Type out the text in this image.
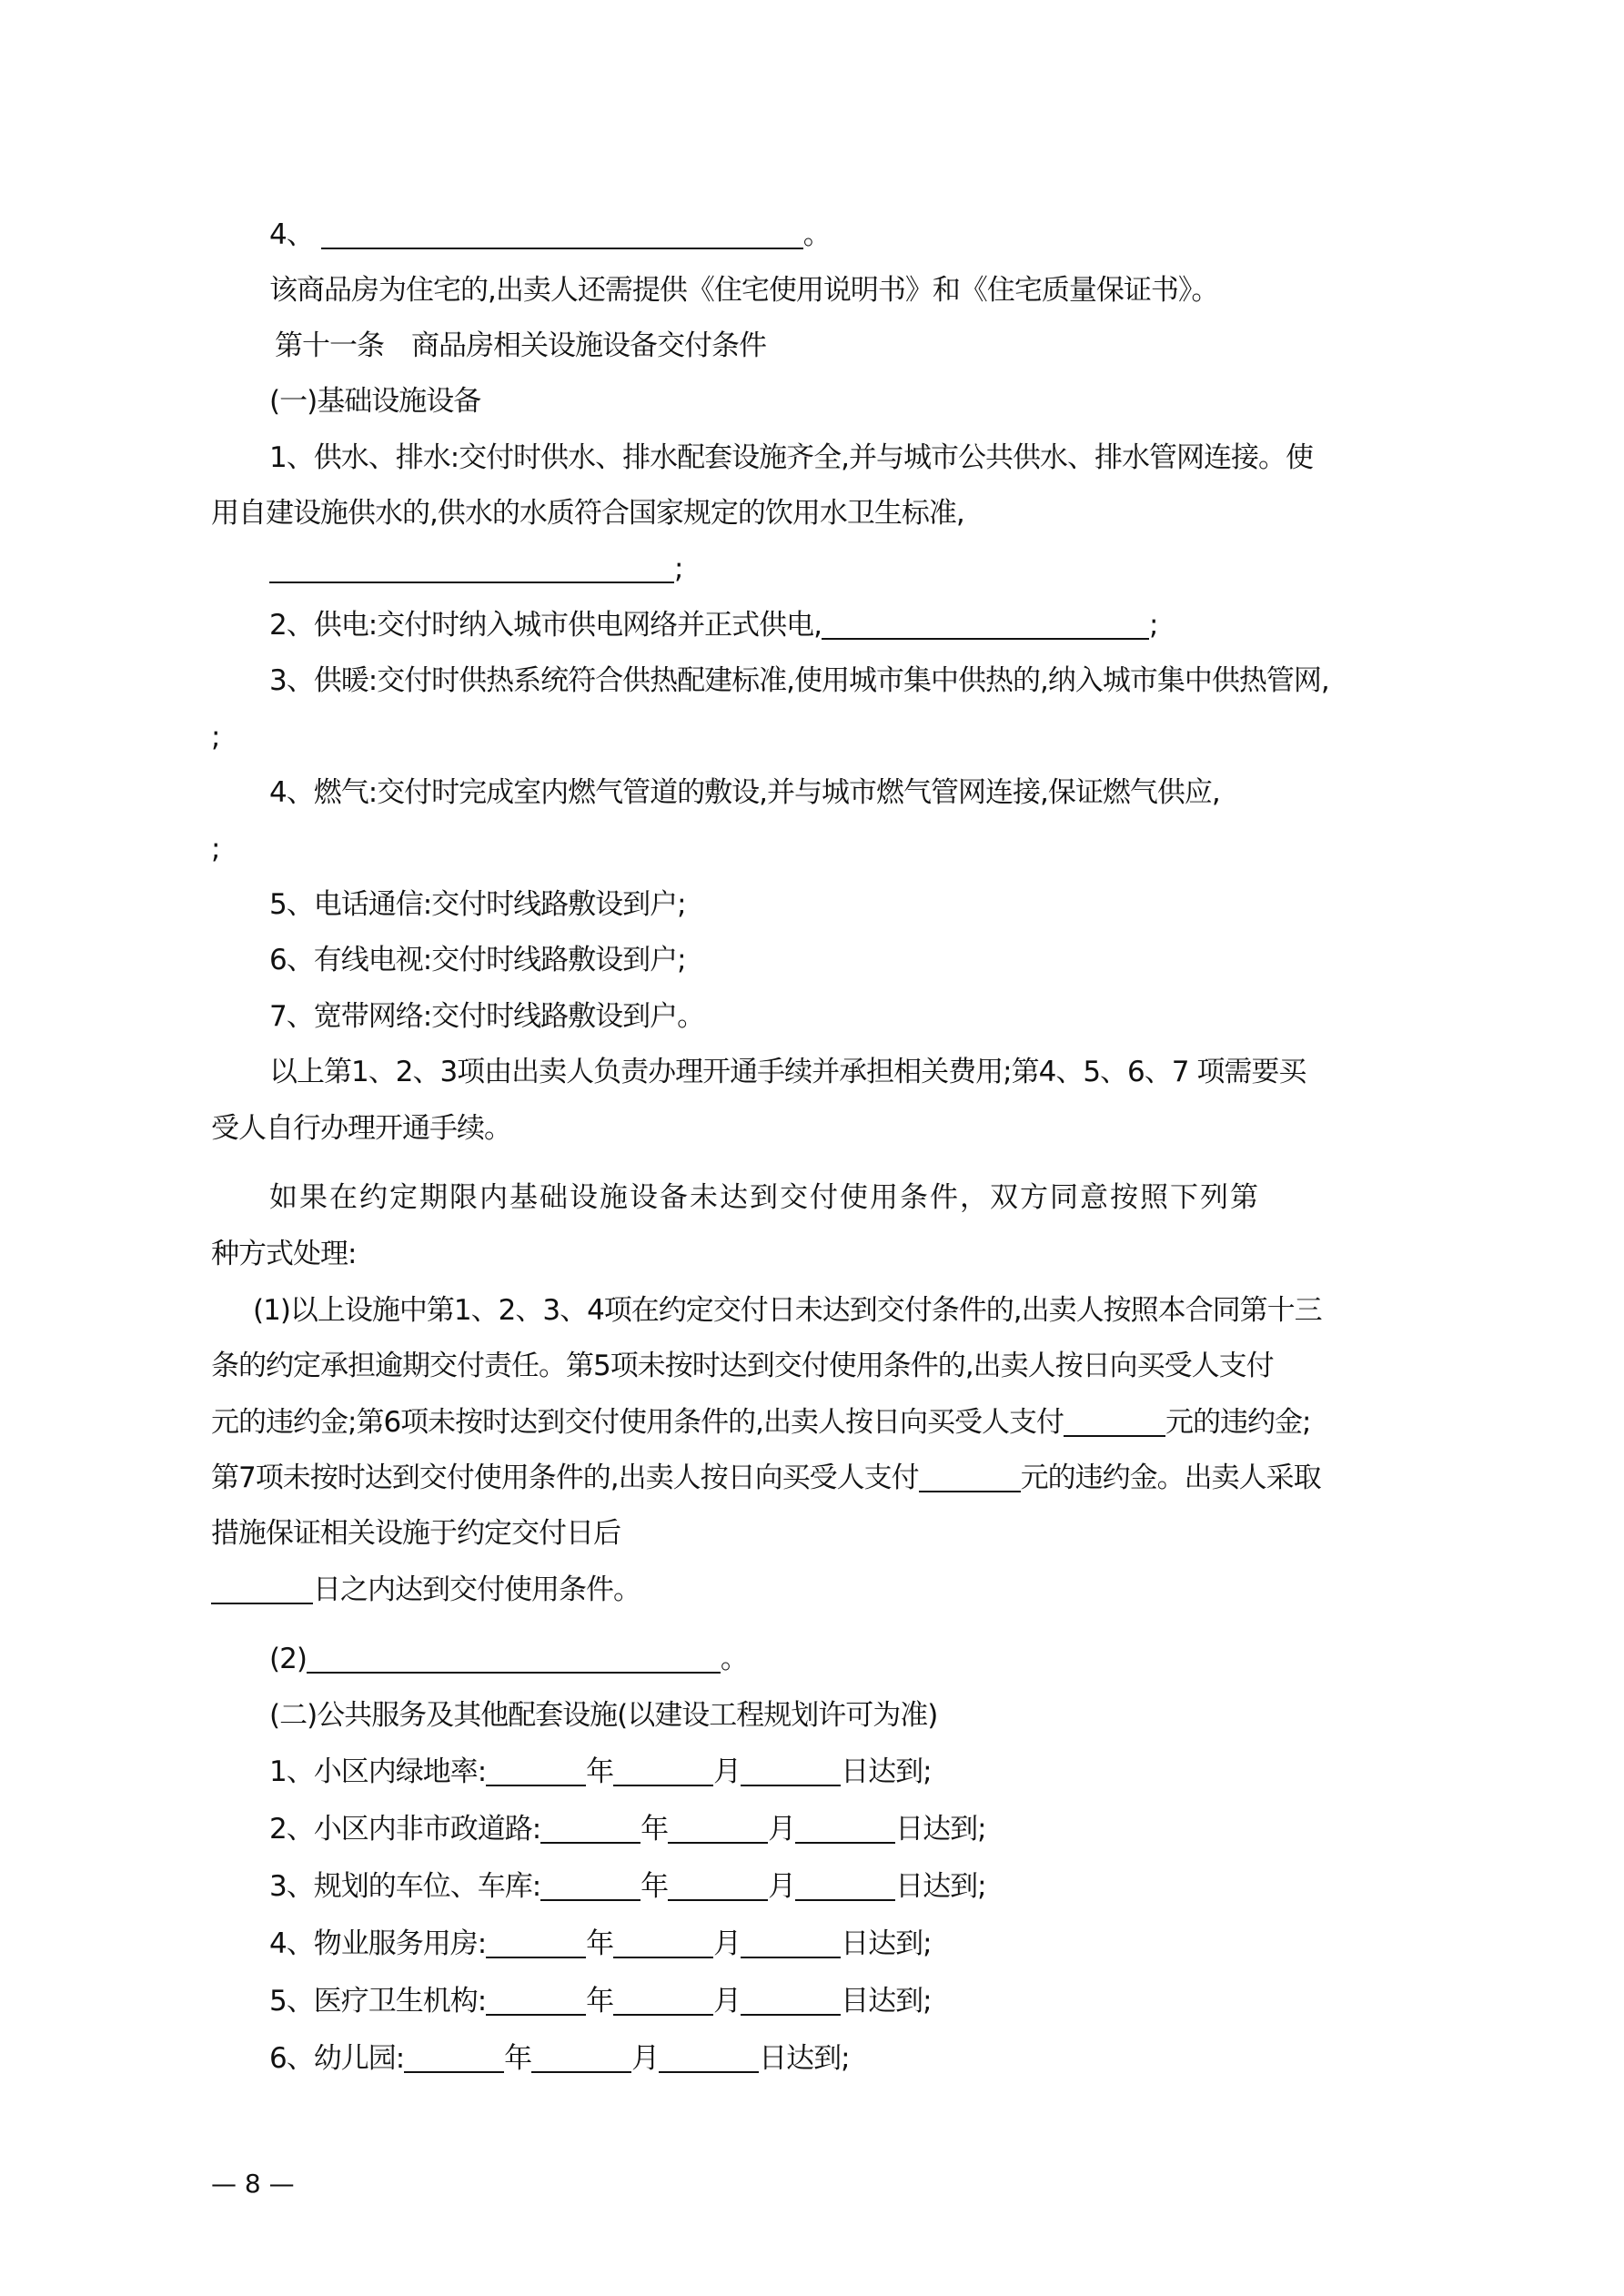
4、	。
该商品房为住宅的,出卖人还需提供《住宅使用说明书》和《住宅质量保证书》。
第十一条　商品房相关设施设备交付条件
(一)基础设施设备
1、供水、排水:交付时供水、排水配套设施齐全,并与城市公共供水、排水管网连接。使
用自建设施供水的,供水的水质符合国家规定的饮用水卫生标准,
;
2、供电:交付时纳入城市供电网络并正式供电,	;
3、供暖:交付时供热系统符合供热配建标准,使用城市集中供热的,纳入城市集中供热管网,
;
4、燃气:交付时完成室内燃气管道的敷设,并与城市燃气管网连接,保证燃气供应,
;
5、电话通信:交付时线路敷设到户;
6、有线电视:交付时线路敷设到户;
7、宽带网络:交付时线路敷设到户。
以上第1、2、3项由出卖人负责办理开通手续并承担相关费用;第4、5、6、7 项需要买
受人自行办理开通手续。
如果在约定期限内基础设施设备未达到交付使用条件，双方同意按照下列第
种方式处理:
(1)以上设施中第1、2、3、4项在约定交付日未达到交付条件的,出卖人按照本合同第十三
条的约定承担逾期交付责任。第5项未按时达到交付使用条件的,出卖人按日向买受人支付
元的违约金;第6项未按时达到交付使用条件的,出卖人按日向买受人支付	元的违约金;
第7项未按时达到交付使用条件的,出卖人按日向买受人支付	元的违约金。出卖人采取
措施保证相关设施于约定交付日后
日之内达到交付使用条件。
(2)	。
(二)公共服务及其他配套设施(以建设工程规划许可为准)
1、小区内绿地率:	年	月	日达到;
2、小区内非市政道路:	年	月	日达到;
3、规划的车位、车库:	年	月	日达到;
4、物业服务用房:	年	月	日达到;
5、医疗卫生机构:	年	月	目达到;
6、幼儿园:	年	月	日达到;
— 8 —
